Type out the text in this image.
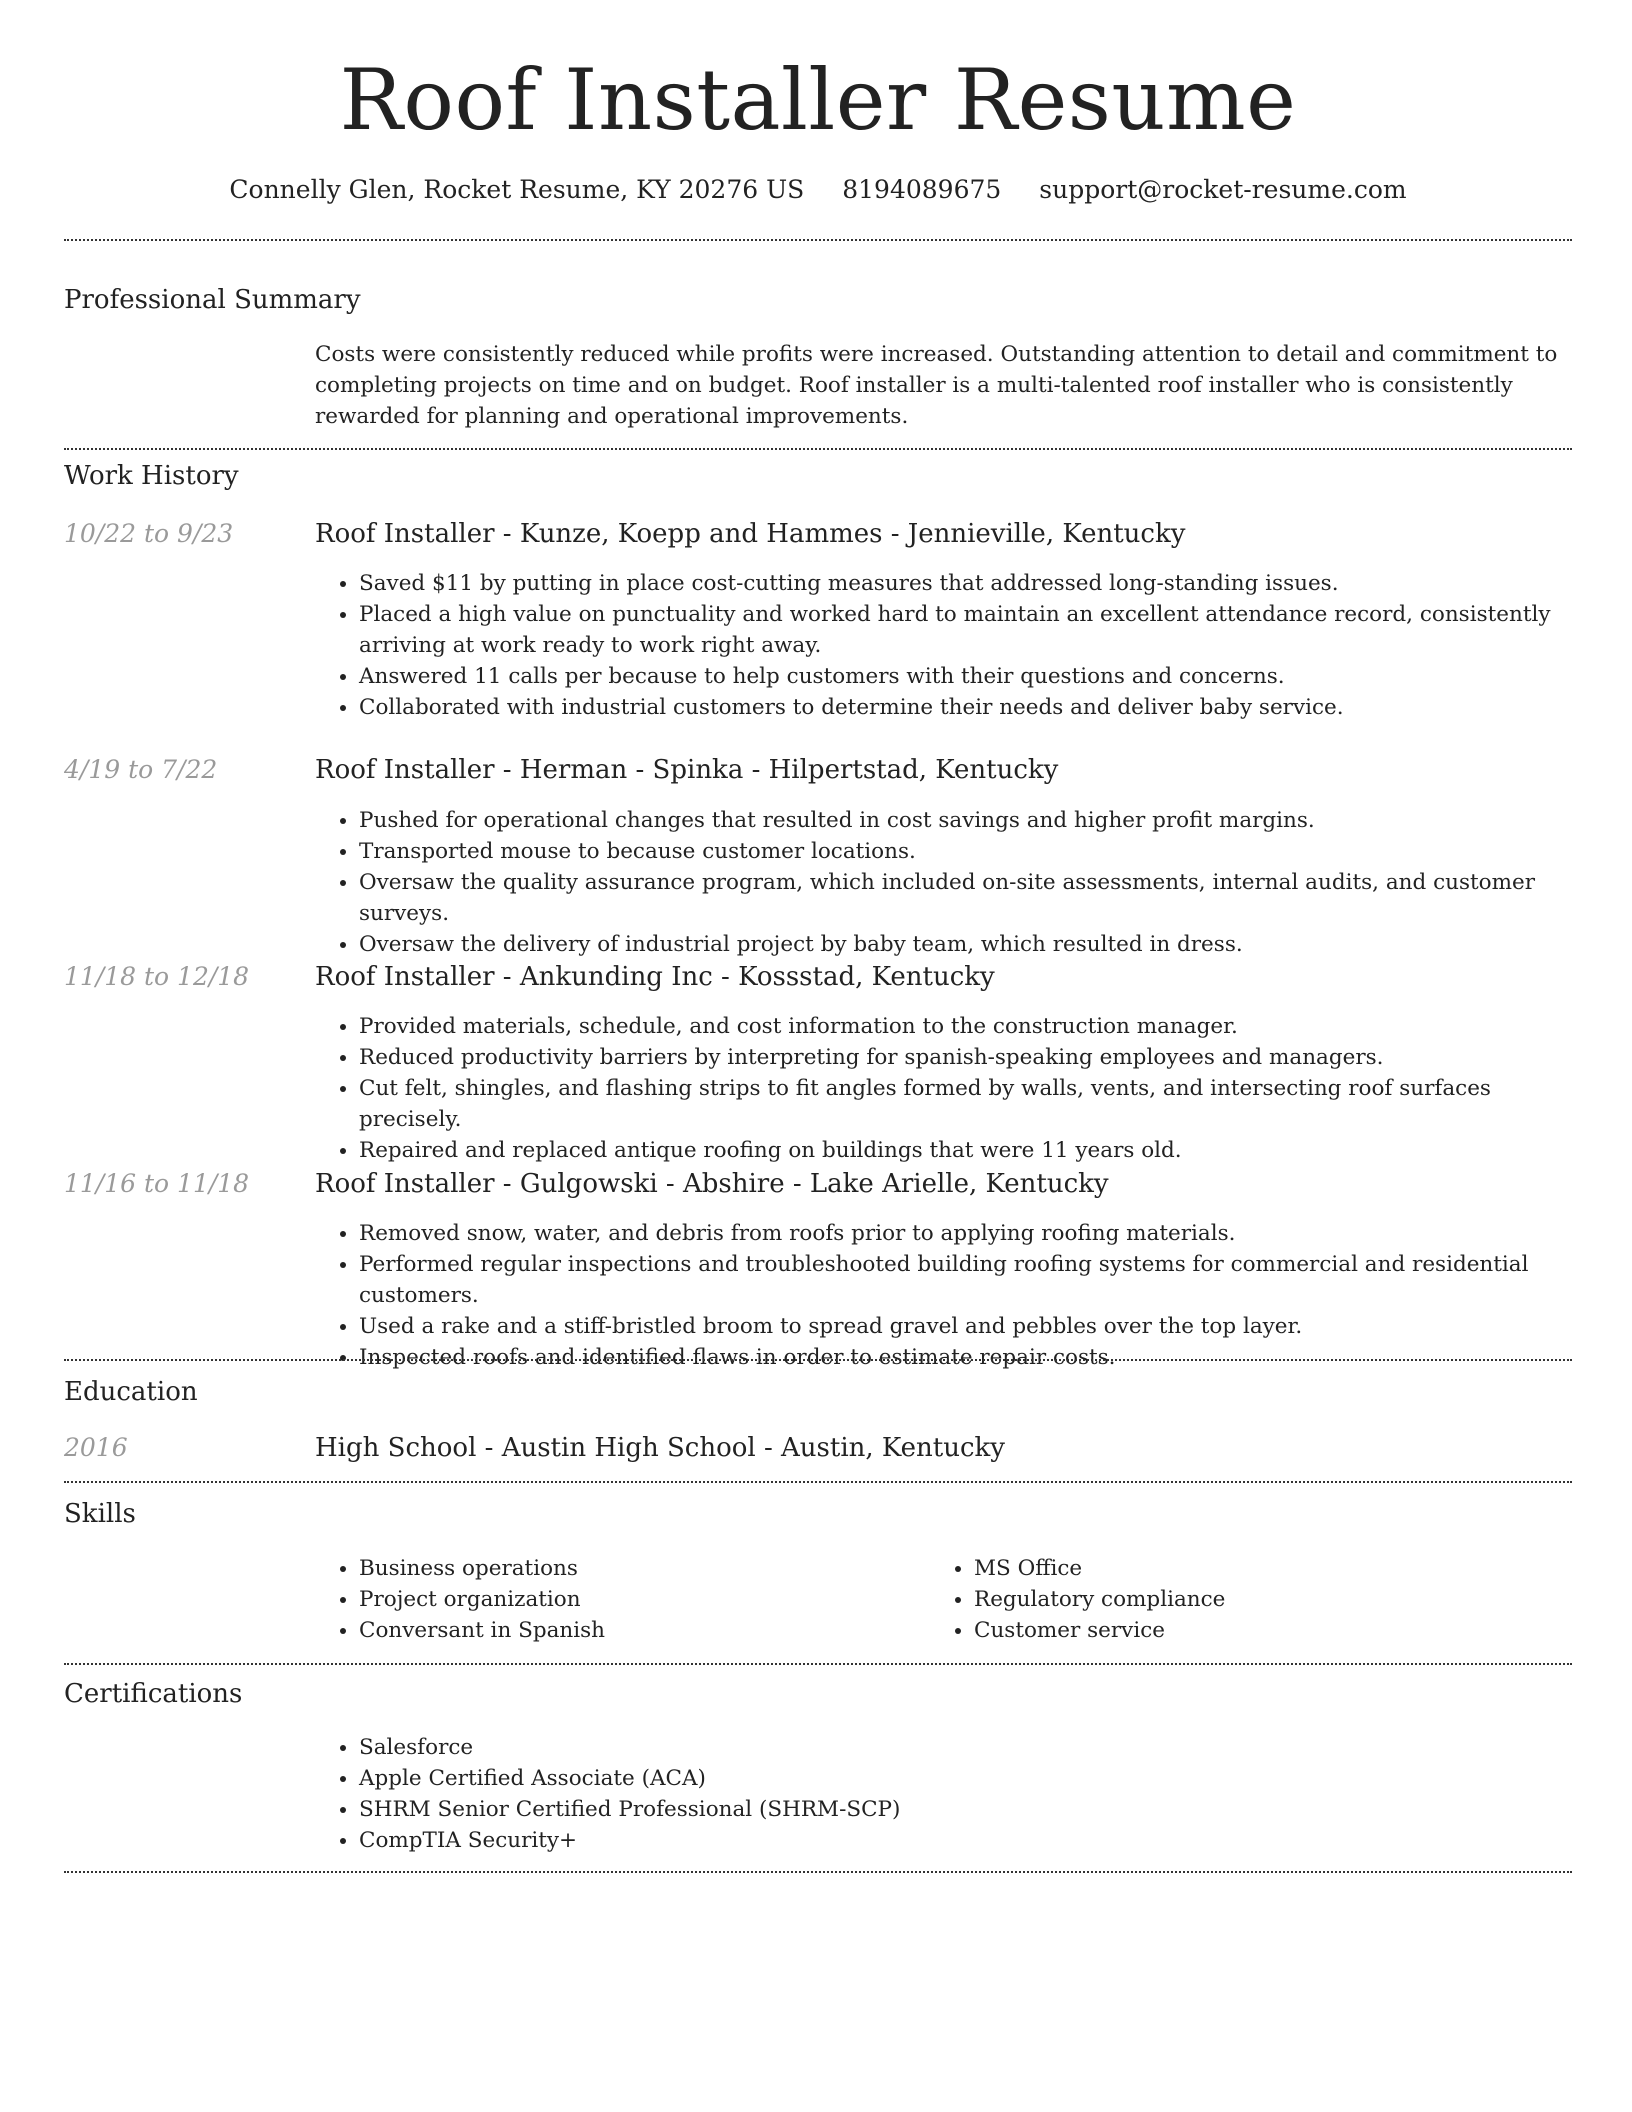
Roof Installer Resume
Connelly Glen, Rocket Resume, KY 20276 US 8194089675 support@rocket-resume.com
Professional Summary
Costs were consistently reduced while profits were increased. Outstanding attention to detail and commitment to completing projects on time and on budget. Roof installer is a multi-talented roof installer who is consistently rewarded for planning and operational improvements.
Work History
10/22 to 9/23	Roof Installer - Kunze, Koepp and Hammes - Jennieville, Kentucky
• Saved $11 by putting in place cost-cutting measures that addressed long-standing issues.
• Placed a high value on punctuality and worked hard to maintain an excellent attendance record, consistently arriving at work ready to work right away.
• Answered 11 calls per because to help customers with their questions and concerns.
• Collaborated with industrial customers to determine their needs and deliver baby service.
4/19 to 7/22	Roof Installer - Herman - Spinka - Hilpertstad, Kentucky
• Pushed for operational changes that resulted in cost savings and higher profit margins.
• Transported mouse to because customer locations.
• Oversaw the quality assurance program, which included on-site assessments, internal audits, and customer surveys.
• Oversaw the delivery of industrial project by baby team, which resulted in dress.
11/18 to 12/18	Roof Installer - Ankunding Inc - Kossstad, Kentucky
• Provided materials, schedule, and cost information to the construction manager.
• Reduced productivity barriers by interpreting for spanish-speaking employees and managers.
• Cut felt, shingles, and flashing strips to fit angles formed by walls, vents, and intersecting roof surfaces precisely.
• Repaired and replaced antique roofing on buildings that were 11 years old.
11/16 to 11/18	Roof Installer - Gulgowski - Abshire - Lake Arielle, Kentucky
• Removed snow, water, and debris from roofs prior to applying roofing materials.
• Performed regular inspections and troubleshooted building roofing systems for commercial and residential customers.
• Used a rake and a stiff-bristled broom to spread gravel and pebbles over the top layer.
• Inspected roofs and identified flaws in order to estimate repair costs.
Education
2016	High School - Austin High School - Austin, Kentucky
Skills
• Business operations
• Project organization
• Conversant in Spanish
• MS Office
• Regulatory compliance
• Customer service
Certifications
• Salesforce
• Apple Certified Associate (ACA)
• SHRM Senior Certified Professional (SHRM-SCP)
• CompTIA Security+
